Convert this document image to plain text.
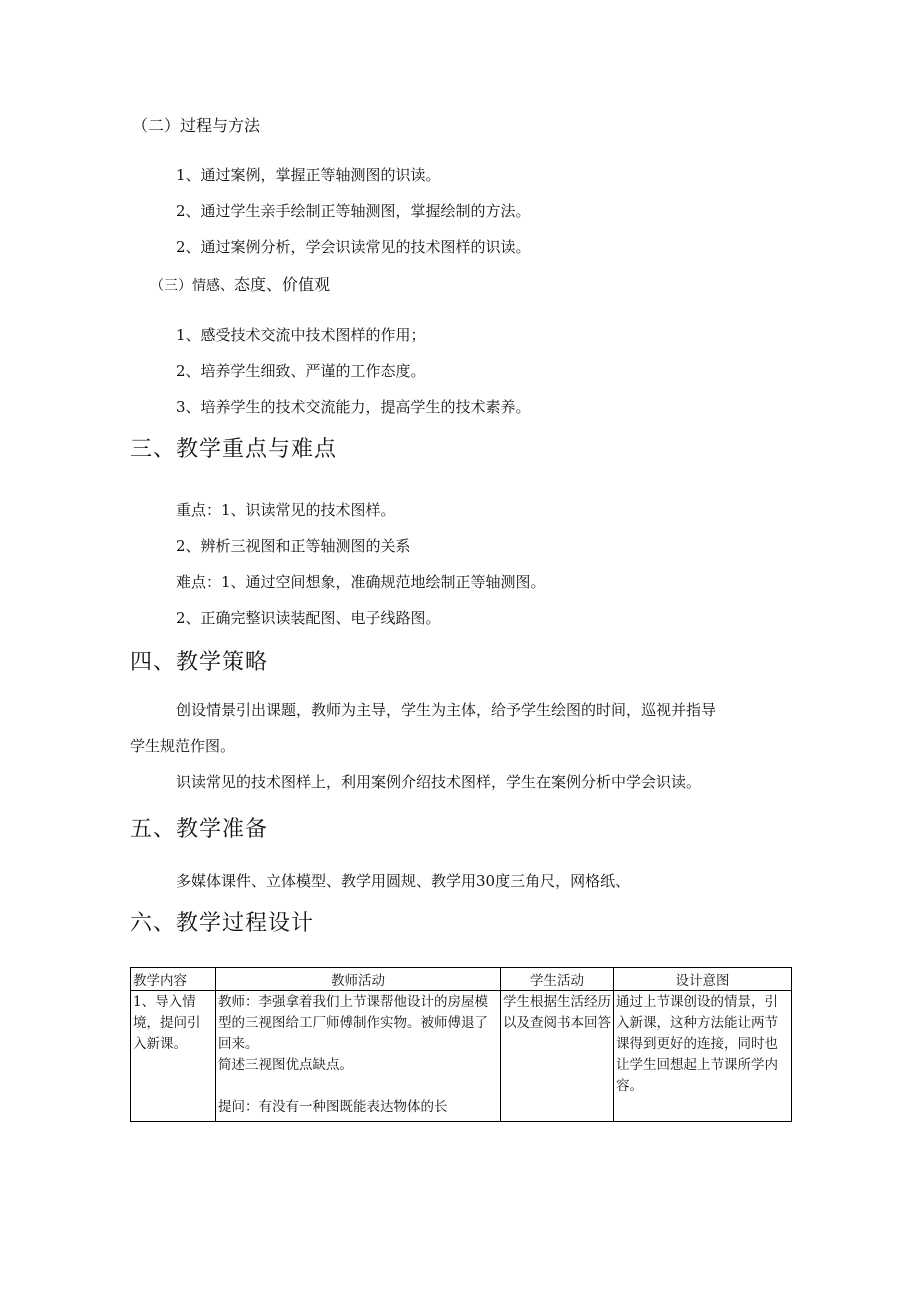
（二）过程与方法
1、通过案例，掌握正等轴测图的识读。
2、通过学生亲手绘制正等轴测图，掌握绘制的方法。
2、通过案例分析，学会识读常见的技术图样的识读。
（三）情感、态度、价值观
1、感受技术交流中技术图样的作用；
2、培养学生细致、严谨的工作态度。
3、培养学生的技术交流能力，提高学生的技术素养。
三、教学重点与难点
重点：1、识读常见的技术图样。
2、辨析三视图和正等轴测图的关系
难点：1、通过空间想象，准确规范地绘制正等轴测图。
2、正确完整识读装配图、电子线路图。
四、教学策略
创设情景引出课题，教师为主导，学生为主体，给予学生绘图的时间，巡视并指导
学生规范作图。
识读常见的技术图样上，利用案例介绍技术图样，学生在案例分析中学会识读。
五、教学准备
多媒体课件、立体模型、教学用圆规、教学用30度三角尺，网格纸、
六、教学过程设计
教学内容	教师活动	学生活动	设计意图
1、导入情境，提问引入新课。	教师：李强拿着我们上节课帮他设计的房屋模型的三视图给工厂师傅制作实物。被师傅退了回来。
简述三视图优点缺点。
提问：有没有一种图既能表达物体的长	学生根据生活经历以及查阅书本回答	通过上节课创设的情景，引入新课，这种方法能让两节课得到更好的连接，同时也让学生回想起上节课所学内容。
